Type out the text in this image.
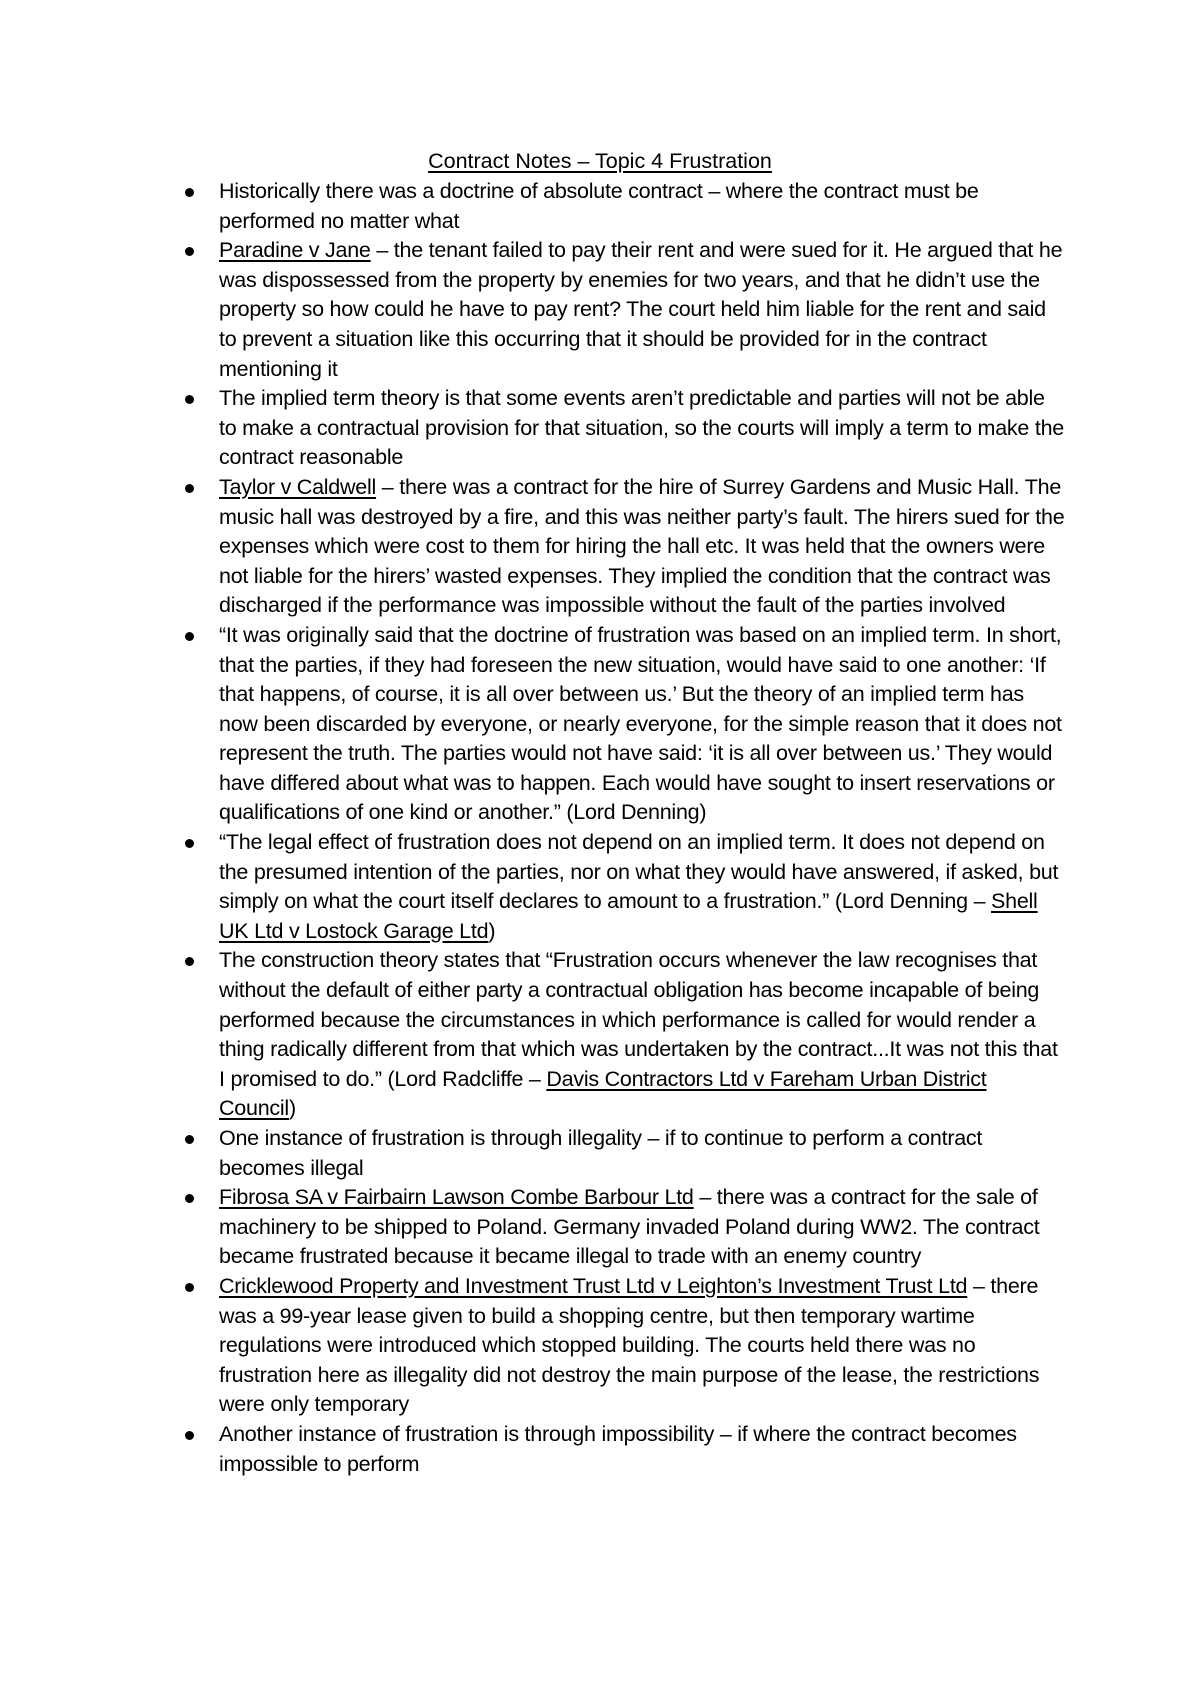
Contract Notes – Topic 4 Frustration
Historically there was a doctrine of absolute contract – where the contract must be performed no matter what
Paradine v Jane – the tenant failed to pay their rent and were sued for it. He argued that he was dispossessed from the property by enemies for two years, and that he didn’t use the property so how could he have to pay rent? The court held him liable for the rent and said to prevent a situation like this occurring that it should be provided for in the contract mentioning it
The implied term theory is that some events aren’t predictable and parties will not be able to make a contractual provision for that situation, so the courts will imply a term to make the contract reasonable
Taylor v Caldwell – there was a contract for the hire of Surrey Gardens and Music Hall. The music hall was destroyed by a fire, and this was neither party’s fault. The hirers sued for the expenses which were cost to them for hiring the hall etc. It was held that the owners were not liable for the hirers’ wasted expenses. They implied the condition that the contract was discharged if the performance was impossible without the fault of the parties involved
“It was originally said that the doctrine of frustration was based on an implied term. In short, that the parties, if they had foreseen the new situation, would have said to one another: ‘If that happens, of course, it is all over between us.’ But the theory of an implied term has now been discarded by everyone, or nearly everyone, for the simple reason that it does not represent the truth. The parties would not have said: ‘it is all over between us.’ They would have differed about what was to happen. Each would have sought to insert reservations or qualifications of one kind or another.” (Lord Denning)
“The legal effect of frustration does not depend on an implied term. It does not depend on the presumed intention of the parties, nor on what they would have answered, if asked, but simply on what the court itself declares to amount to a frustration.” (Lord Denning – Shell UK Ltd v Lostock Garage Ltd)
The construction theory states that “Frustration occurs whenever the law recognises that without the default of either party a contractual obligation has become incapable of being performed because the circumstances in which performance is called for would render a thing radically different from that which was undertaken by the contract...It was not this that I promised to do.” (Lord Radcliffe – Davis Contractors Ltd v Fareham Urban District Council)
One instance of frustration is through illegality – if to continue to perform a contract becomes illegal
Fibrosa SA v Fairbairn Lawson Combe Barbour Ltd – there was a contract for the sale of machinery to be shipped to Poland. Germany invaded Poland during WW2. The contract became frustrated because it became illegal to trade with an enemy country
Cricklewood Property and Investment Trust Ltd v Leighton’s Investment Trust Ltd – there was a 99-year lease given to build a shopping centre, but then temporary wartime regulations were introduced which stopped building. The courts held there was no frustration here as illegality did not destroy the main purpose of the lease, the restrictions were only temporary
Another instance of frustration is through impossibility – if where the contract becomes impossible to perform
